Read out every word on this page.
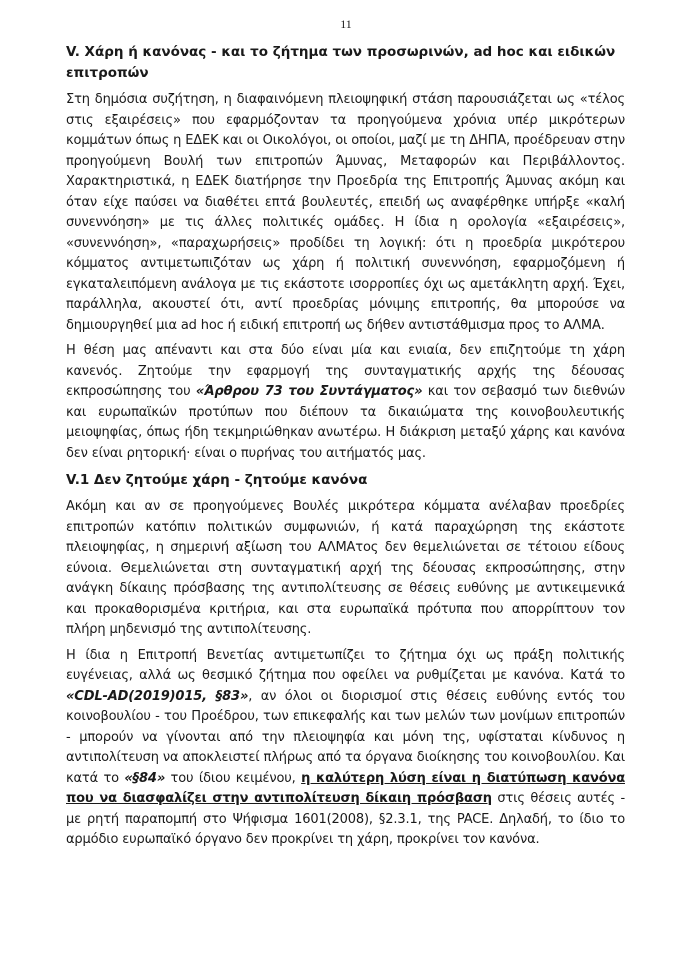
11
V. Χάρη ή κανόνας - και το ζήτημα των προσωρινών, ad hoc και ειδικών επιτροπών

Στη δημόσια συζήτηση, η διαφαινόμενη πλειοψηφική στάση παρουσιάζεται ως «τέλος στις εξαιρέσεις» που εφαρμόζονταν τα προηγούμενα χρόνια υπέρ μικρότερων κομμάτων όπως η ΕΔΕΚ και οι Οικολόγοι, οι οποίοι, μαζί με τη ΔΗΠΑ, προέδρευαν στην προηγούμενη Βουλή των επιτροπών Άμυνας, Μεταφορών και Περιβάλλοντος. Χαρακτηριστικά, η ΕΔΕΚ διατήρησε την Προεδρία της Επιτροπής Άμυνας ακόμη και όταν είχε παύσει να διαθέτει επτά βουλευτές, επειδή ως αναφέρθηκε υπήρξε «καλή συνεννόηση» με τις άλλες πολιτικές ομάδες. Η ίδια η ορολογία «εξαιρέσεις», «συνεννόηση», «παραχωρήσεις» προδίδει τη λογική: ότι η προεδρία μικρότερου κόμματος αντιμετωπιζόταν ως χάρη ή πολιτική συνεννόηση, εφαρμοζόμενη ή εγκαταλειπόμενη ανάλογα με τις εκάστοτε ισορροπίες όχι ως αμετάκλητη αρχή. Έχει, παράλληλα, ακουστεί ότι, αντί προεδρίας μόνιμης επιτροπής, θα μπορούσε να δημιουργηθεί μια ad hoc ή ειδική επιτροπή ως δήθεν αντιστάθμισμα προς το ΑΛΜΑ.

Η θέση μας απέναντι και στα δύο είναι μία και ενιαία, δεν επιζητούμε τη χάρη κανενός. Ζητούμε την εφαρμογή της συνταγματικής αρχής της δέουσας εκπροσώπησης του «Άρθρου 73 του Συντάγματος» και τον σεβασμό των διεθνών και ευρωπαϊκών προτύπων που διέπουν τα δικαιώματα της κοινοβουλευτικής μειοψηφίας, όπως ήδη τεκμηριώθηκαν ανωτέρω. Η διάκριση μεταξύ χάρης και κανόνα δεν είναι ρητορική· είναι ο πυρήνας του αιτήματός μας.

V.1 Δεν ζητούμε χάρη - ζητούμε κανόνα

Ακόμη και αν σε προηγούμενες Βουλές μικρότερα κόμματα ανέλαβαν προεδρίες επιτροπών κατόπιν πολιτικών συμφωνιών, ή κατά παραχώρηση της εκάστοτε πλειοψηφίας, η σημερινή αξίωση του ΑΛΜΑτος δεν θεμελιώνεται σε τέτοιου είδους εύνοια. Θεμελιώνεται στη συνταγματική αρχή της δέουσας εκπροσώπησης, στην ανάγκη δίκαιης πρόσβασης της αντιπολίτευσης σε θέσεις ευθύνης με αντικειμενικά και προκαθορισμένα κριτήρια, και στα ευρωπαϊκά πρότυπα που απορρίπτουν τον πλήρη μηδενισμό της αντιπολίτευσης.

Η ίδια η Επιτροπή Βενετίας αντιμετωπίζει το ζήτημα όχι ως πράξη πολιτικής ευγένειας, αλλά ως θεσμικό ζήτημα που οφείλει να ρυθμίζεται με κανόνα. Κατά το «CDL-AD(2019)015, §83», αν όλοι οι διορισμοί στις θέσεις ευθύνης εντός του κοινοβουλίου - του Προέδρου, των επικεφαλής και των μελών των μονίμων επιτροπών - μπορούν να γίνονται από την πλειοψηφία και μόνη της, υφίσταται κίνδυνος η αντιπολίτευση να αποκλειστεί πλήρως από τα όργανα διοίκησης του κοινοβουλίου. Και κατά το «§84» του ίδιου κειμένου, η καλύτερη λύση είναι η διατύπωση κανόνα που να διασφαλίζει στην αντιπολίτευση δίκαιη πρόσβαση στις θέσεις αυτές - με ρητή παραπομπή στο Ψήφισμα 1601(2008), §2.3.1, της PACE. Δηλαδή, το ίδιο το αρμόδιο ευρωπαϊκό όργανο δεν προκρίνει τη χάρη, προκρίνει τον κανόνα.
